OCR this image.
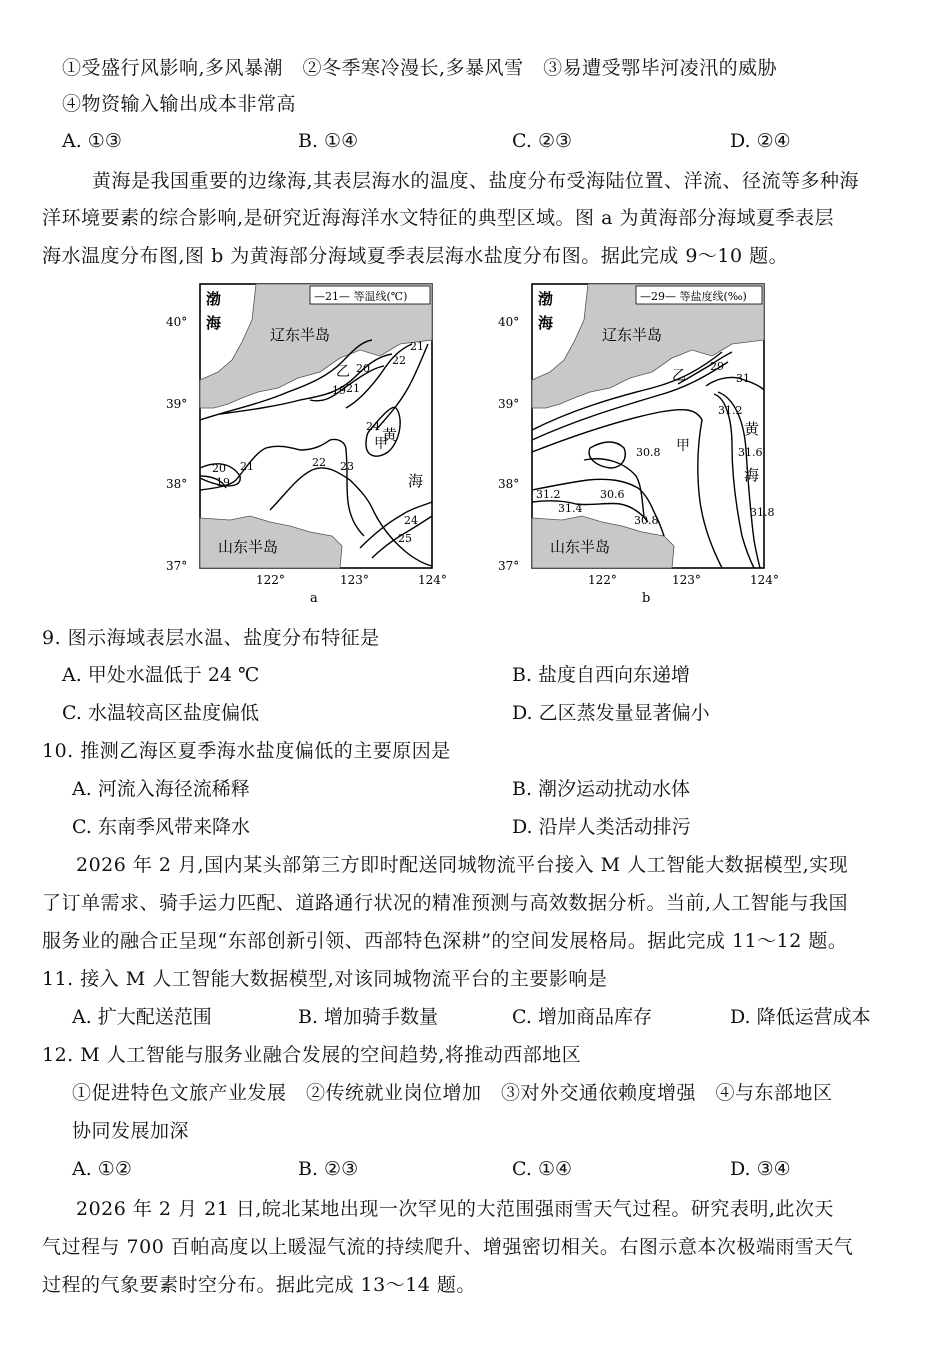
①受盛行风影响,多风暴潮　②冬季寒冷漫长,多暴风雪　③易遭受鄂毕河凌汛的威胁
④物资输入输出成本非常高
A. ①③	B. ①④	C. ②③	D. ②④
黄海是我国重要的边缘海,其表层海水的温度、盐度分布受海陆位置、洋流、径流等多种海
洋环境要素的综合影响,是研究近海海洋水文特征的典型区域。图 a 为黄海部分海域夏季表层
海水温度分布图,图 b 为黄海部分海域夏季表层海水盐度分布图。据此完成 9～10 题。
—21— 等温线(℃)
渤
海
辽东半岛
山东半岛
黄
海
甲
乙
21
22
19
20
21
24
20
19
21	22 23
24
25
40°
39°
38°
37°
122°	123°	124°
a
—29— 等盐度线(‰)
渤
海
辽东半岛
山东半岛
黄
海
甲
乙
29
31
31.2
30.8	31.6
31.2
31.4
30.6
30.8
31.8
40°
39°
38°
37°
122°	123°	124°
b
9. 图示海域表层水温、盐度分布特征是
A. 甲处水温低于 24 ℃	B. 盐度自西向东递增
C. 水温较高区盐度偏低	D. 乙区蒸发量显著偏小
10. 推测乙海区夏季海水盐度偏低的主要原因是
A. 河流入海径流稀释	B. 潮汐运动扰动水体
C. 东南季风带来降水	D. 沿岸人类活动排污
2026 年 2 月,国内某头部第三方即时配送同城物流平台接入 M 人工智能大数据模型,实现
了订单需求、骑手运力匹配、道路通行状况的精准预测与高效数据分析。当前,人工智能与我国
服务业的融合正呈现“东部创新引领、西部特色深耕”的空间发展格局。据此完成 11～12 题。
11. 接入 M 人工智能大数据模型,对该同城物流平台的主要影响是
A. 扩大配送范围	B. 增加骑手数量	C. 增加商品库存	D. 降低运营成本
12. M 人工智能与服务业融合发展的空间趋势,将推动西部地区
①促进特色文旅产业发展　②传统就业岗位增加　③对外交通依赖度增强　④与东部地区
协同发展加深
A. ①②	B. ②③	C. ①④	D. ③④
2026 年 2 月 21 日,皖北某地出现一次罕见的大范围强雨雪天气过程。研究表明,此次天
气过程与 700 百帕高度以上暖湿气流的持续爬升、增强密切相关。右图示意本次极端雨雪天气
过程的气象要素时空分布。据此完成 13～14 题。
